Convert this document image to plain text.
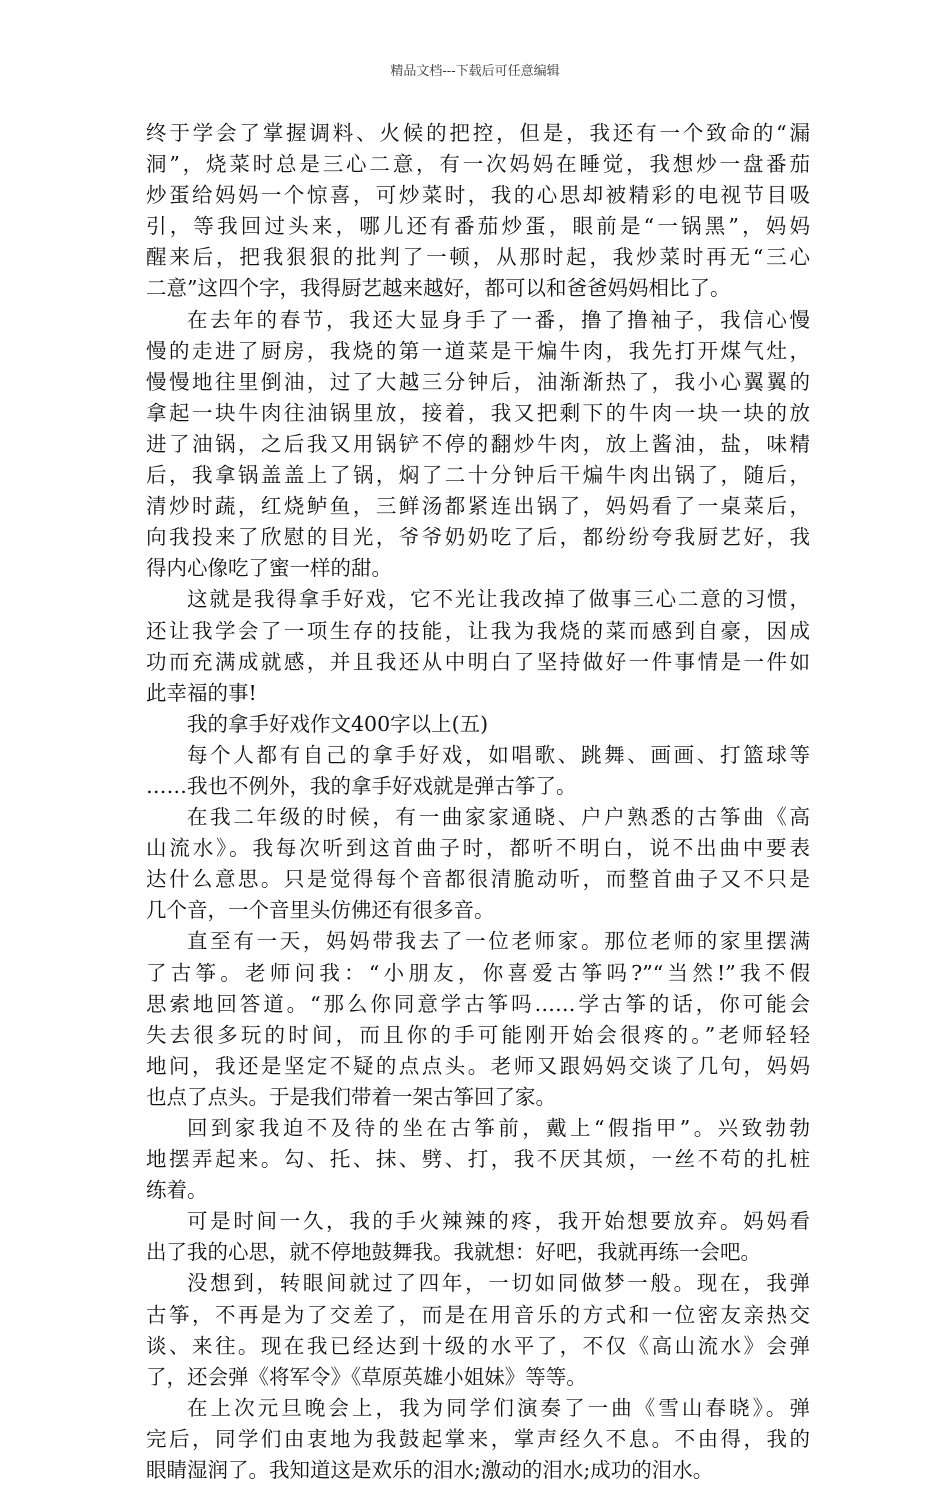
精品文档---下载后可任意编辑
终于学会了掌握调料、火候的把控，但是，我还有一个致命的“漏
洞”，烧菜时总是三心二意，有一次妈妈在睡觉，我想炒一盘番茄
炒蛋给妈妈一个惊喜，可炒菜时，我的心思却被精彩的电视节目吸
引，等我回过头来，哪儿还有番茄炒蛋，眼前是“一锅黑”，妈妈
醒来后，把我狠狠的批判了一顿，从那时起，我炒菜时再无“三心
二意”这四个字，我得厨艺越来越好，都可以和爸爸妈妈相比了。
在去年的春节，我还大显身手了一番，撸了撸袖子，我信心慢
慢的走进了厨房，我烧的第一道菜是干煸牛肉，我先打开煤气灶，
慢慢地往里倒油，过了大越三分钟后，油渐渐热了，我小心翼翼的
拿起一块牛肉往油锅里放，接着，我又把剩下的牛肉一块一块的放
进了油锅，之后我又用锅铲不停的翻炒牛肉，放上酱油，盐，味精
后，我拿锅盖盖上了锅，焖了二十分钟后干煸牛肉出锅了，随后，
清炒时蔬，红烧鲈鱼，三鲜汤都紧连出锅了，妈妈看了一桌菜后，
向我投来了欣慰的目光，爷爷奶奶吃了后，都纷纷夸我厨艺好，我
得内心像吃了蜜一样的甜。
这就是我得拿手好戏，它不光让我改掉了做事三心二意的习惯，
还让我学会了一项生存的技能，让我为我烧的菜而感到自豪，因成
功而充满成就感，并且我还从中明白了坚持做好一件事情是一件如
此幸福的事!
我的拿手好戏作文400字以上(五)
每个人都有自己的拿手好戏，如唱歌、跳舞、画画、打篮球等
……我也不例外，我的拿手好戏就是弹古筝了。
在我二年级的时候，有一曲家家通晓、户户熟悉的古筝曲《高
山流水》。我每次听到这首曲子时，都听不明白，说不出曲中要表
达什么意思。只是觉得每个音都很清脆动听，而整首曲子又不只是
几个音，一个音里头仿佛还有很多音。
直至有一天，妈妈带我去了一位老师家。那位老师的家里摆满
了古筝。老师问我：“小朋友，你喜爱古筝吗?”“当然!”我不假
思索地回答道。“那么你同意学古筝吗……学古筝的话，你可能会
失去很多玩的时间，而且你的手可能刚开始会很疼的。”老师轻轻
地问，我还是坚定不疑的点点头。老师又跟妈妈交谈了几句，妈妈
也点了点头。于是我们带着一架古筝回了家。
回到家我迫不及待的坐在古筝前，戴上“假指甲”。兴致勃勃
地摆弄起来。勾、托、抹、劈、打，我不厌其烦，一丝不苟的扎桩
练着。
可是时间一久，我的手火辣辣的疼，我开始想要放弃。妈妈看
出了我的心思，就不停地鼓舞我。我就想：好吧，我就再练一会吧。
没想到，转眼间就过了四年，一切如同做梦一般。现在，我弹
古筝，不再是为了交差了，而是在用音乐的方式和一位密友亲热交
谈、来往。现在我已经达到十级的水平了，不仅《高山流水》会弹
了，还会弹《将军令》《草原英雄小姐妹》等等。
在上次元旦晚会上，我为同学们演奏了一曲《雪山春晓》。弹
完后，同学们由衷地为我鼓起掌来，掌声经久不息。不由得，我的
眼睛湿润了。我知道这是欢乐的泪水;激动的泪水;成功的泪水。
